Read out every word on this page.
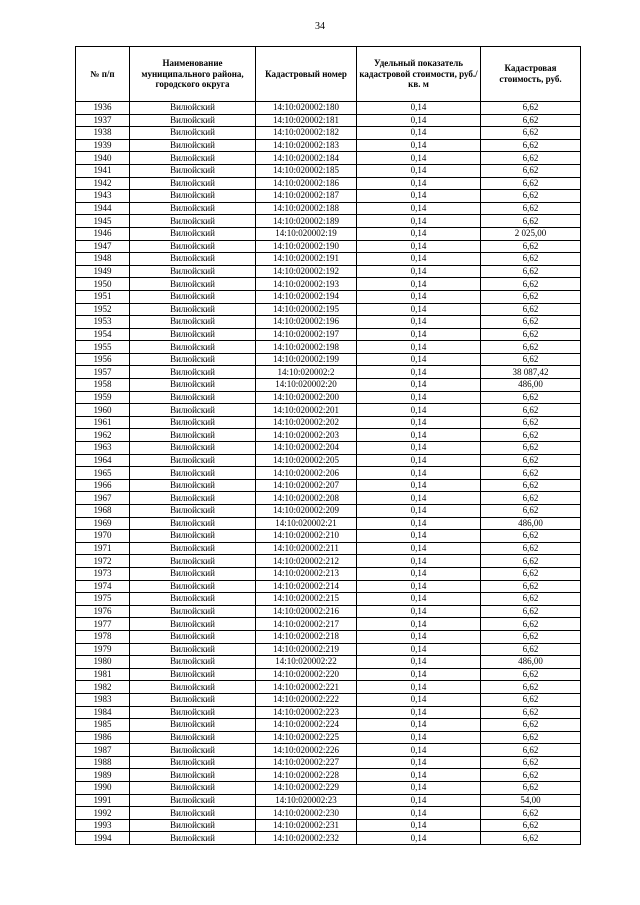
34
№ п/п	Наименование муниципального района, городского округа	Кадастровый номер	Удельный показатель кадастровой стоимости, руб./кв. м	Кадастровая стоимость, руб.
1936	Вилюйский	14:10:020002:180	0,14	6,62
1937	Вилюйский	14:10:020002:181	0,14	6,62
1938	Вилюйский	14:10:020002:182	0,14	6,62
1939	Вилюйский	14:10:020002:183	0,14	6,62
1940	Вилюйский	14:10:020002:184	0,14	6,62
1941	Вилюйский	14:10:020002:185	0,14	6,62
1942	Вилюйский	14:10:020002:186	0,14	6,62
1943	Вилюйский	14:10:020002:187	0,14	6,62
1944	Вилюйский	14:10:020002:188	0,14	6,62
1945	Вилюйский	14:10:020002:189	0,14	6,62
1946	Вилюйский	14:10:020002:19	0,14	2 025,00
1947	Вилюйский	14:10:020002:190	0,14	6,62
1948	Вилюйский	14:10:020002:191	0,14	6,62
1949	Вилюйский	14:10:020002:192	0,14	6,62
1950	Вилюйский	14:10:020002:193	0,14	6,62
1951	Вилюйский	14:10:020002:194	0,14	6,62
1952	Вилюйский	14:10:020002:195	0,14	6,62
1953	Вилюйский	14:10:020002:196	0,14	6,62
1954	Вилюйский	14:10:020002:197	0,14	6,62
1955	Вилюйский	14:10:020002:198	0,14	6,62
1956	Вилюйский	14:10:020002:199	0,14	6,62
1957	Вилюйский	14:10:020002:2	0,14	38 087,42
1958	Вилюйский	14:10:020002:20	0,14	486,00
1959	Вилюйский	14:10:020002:200	0,14	6,62
1960	Вилюйский	14:10:020002:201	0,14	6,62
1961	Вилюйский	14:10:020002:202	0,14	6,62
1962	Вилюйский	14:10:020002:203	0,14	6,62
1963	Вилюйский	14:10:020002:204	0,14	6,62
1964	Вилюйский	14:10:020002:205	0,14	6,62
1965	Вилюйский	14:10:020002:206	0,14	6,62
1966	Вилюйский	14:10:020002:207	0,14	6,62
1967	Вилюйский	14:10:020002:208	0,14	6,62
1968	Вилюйский	14:10:020002:209	0,14	6,62
1969	Вилюйский	14:10:020002:21	0,14	486,00
1970	Вилюйский	14:10:020002:210	0,14	6,62
1971	Вилюйский	14:10:020002:211	0,14	6,62
1972	Вилюйский	14:10:020002:212	0,14	6,62
1973	Вилюйский	14:10:020002:213	0,14	6,62
1974	Вилюйский	14:10:020002:214	0,14	6,62
1975	Вилюйский	14:10:020002:215	0,14	6,62
1976	Вилюйский	14:10:020002:216	0,14	6,62
1977	Вилюйский	14:10:020002:217	0,14	6,62
1978	Вилюйский	14:10:020002:218	0,14	6,62
1979	Вилюйский	14:10:020002:219	0,14	6,62
1980	Вилюйский	14:10:020002:22	0,14	486,00
1981	Вилюйский	14:10:020002:220	0,14	6,62
1982	Вилюйский	14:10:020002:221	0,14	6,62
1983	Вилюйский	14:10:020002:222	0,14	6,62
1984	Вилюйский	14:10:020002:223	0,14	6,62
1985	Вилюйский	14:10:020002:224	0,14	6,62
1986	Вилюйский	14:10:020002:225	0,14	6,62
1987	Вилюйский	14:10:020002:226	0,14	6,62
1988	Вилюйский	14:10:020002:227	0,14	6,62
1989	Вилюйский	14:10:020002:228	0,14	6,62
1990	Вилюйский	14:10:020002:229	0,14	6,62
1991	Вилюйский	14:10:020002:23	0,14	54,00
1992	Вилюйский	14:10:020002:230	0,14	6,62
1993	Вилюйский	14:10:020002:231	0,14	6,62
1994	Вилюйский	14:10:020002:232	0,14	6,62
